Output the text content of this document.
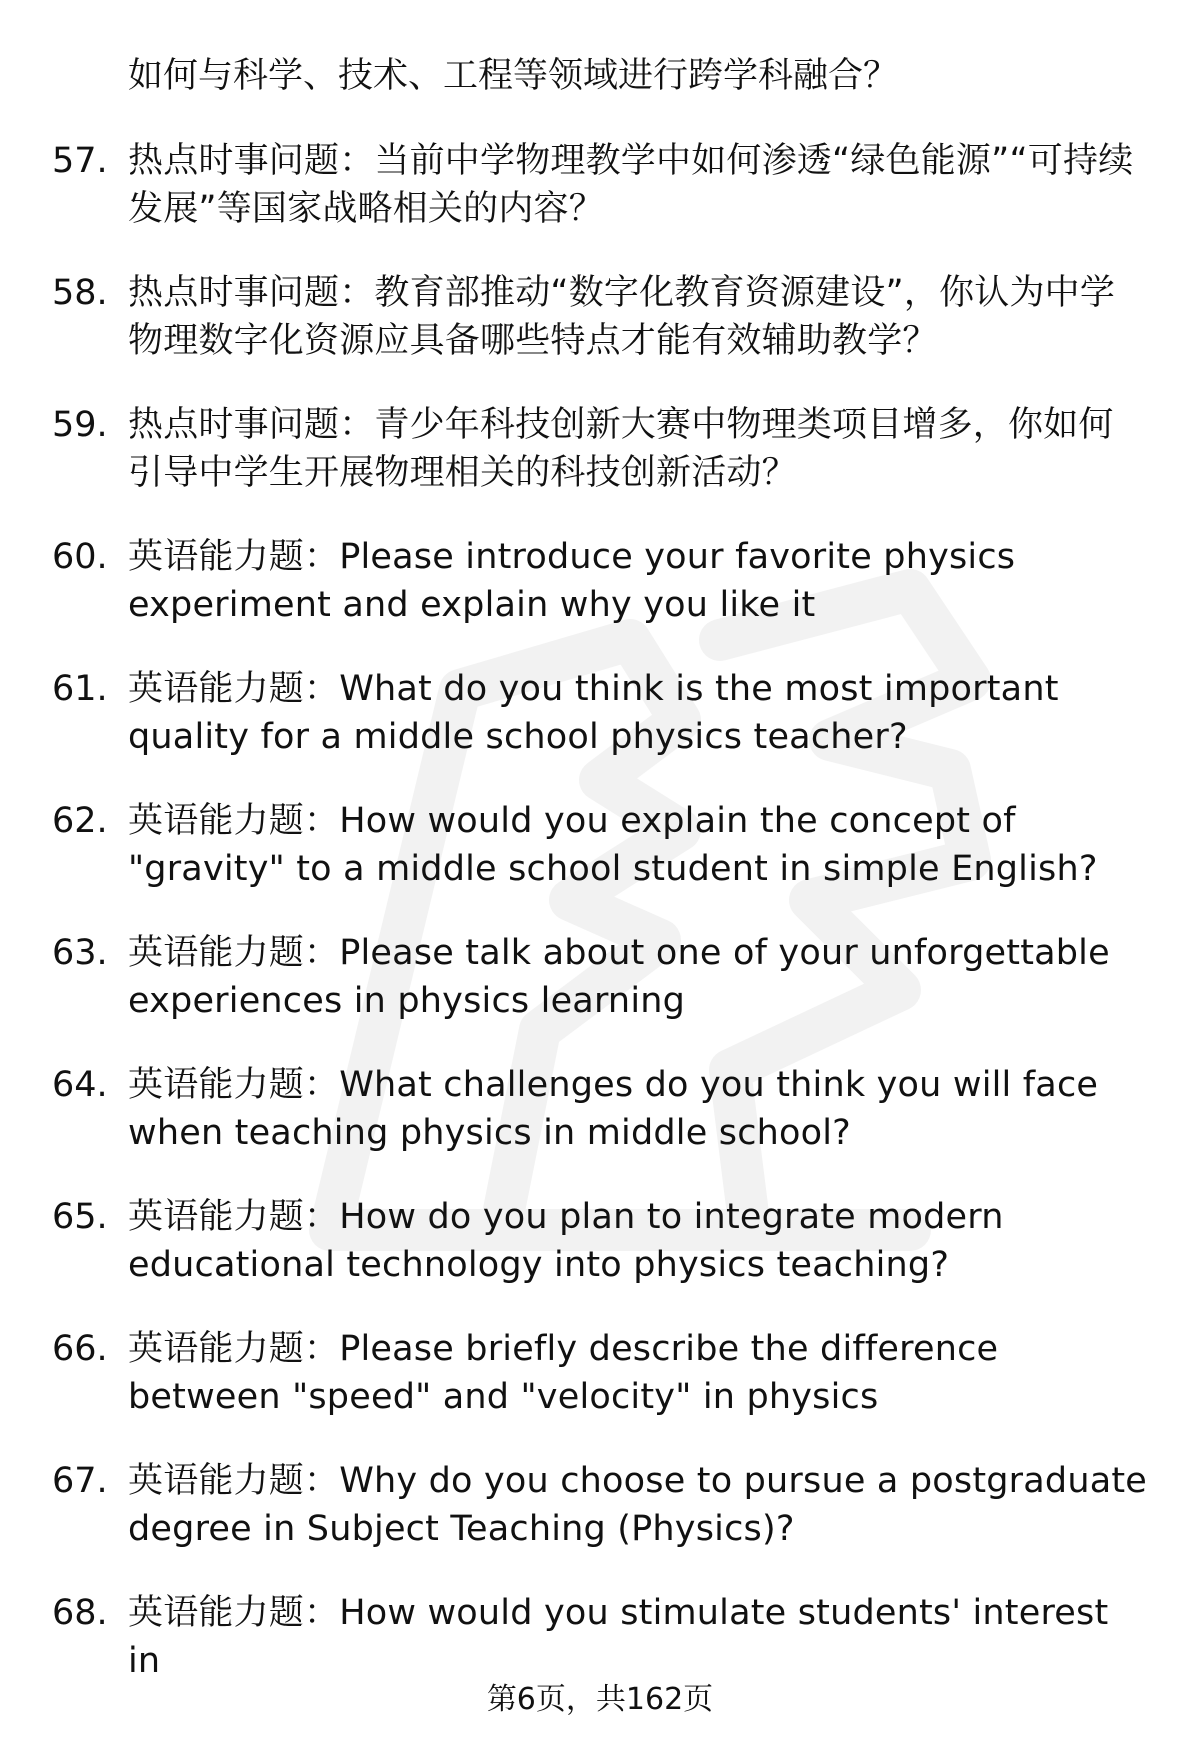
如何与科学、技术、工程等领域进行跨学科融合？
57. 热点时事问题：当前中学物理教学中如何渗透“绿色能源”“可持续发展”等国家战略相关的内容？
58. 热点时事问题：教育部推动“数字化教育资源建设”，你认为中学物理数字化资源应具备哪些特点才能有效辅助教学？
59. 热点时事问题：青少年科技创新大赛中物理类项目增多，你如何引导中学生开展物理相关的科技创新活动？
60. 英语能力题：Please introduce your favorite physics experiment and explain why you like it
61. 英语能力题：What do you think is the most important quality for a middle school physics teacher?
62. 英语能力题：How would you explain the concept of "gravity" to a middle school student in simple English?
63. 英语能力题：Please talk about one of your unforgettable experiences in physics learning
64. 英语能力题：What challenges do you think you will face when teaching physics in middle school?
65. 英语能力题：How do you plan to integrate modern educational technology into physics teaching?
66. 英语能力题：Please briefly describe the difference between "speed" and "velocity" in physics
67. 英语能力题：Why do you choose to pursue a postgraduate degree in Subject Teaching (Physics)?
68. 英语能力题：How would you stimulate students' interest in
第6页，共162页
